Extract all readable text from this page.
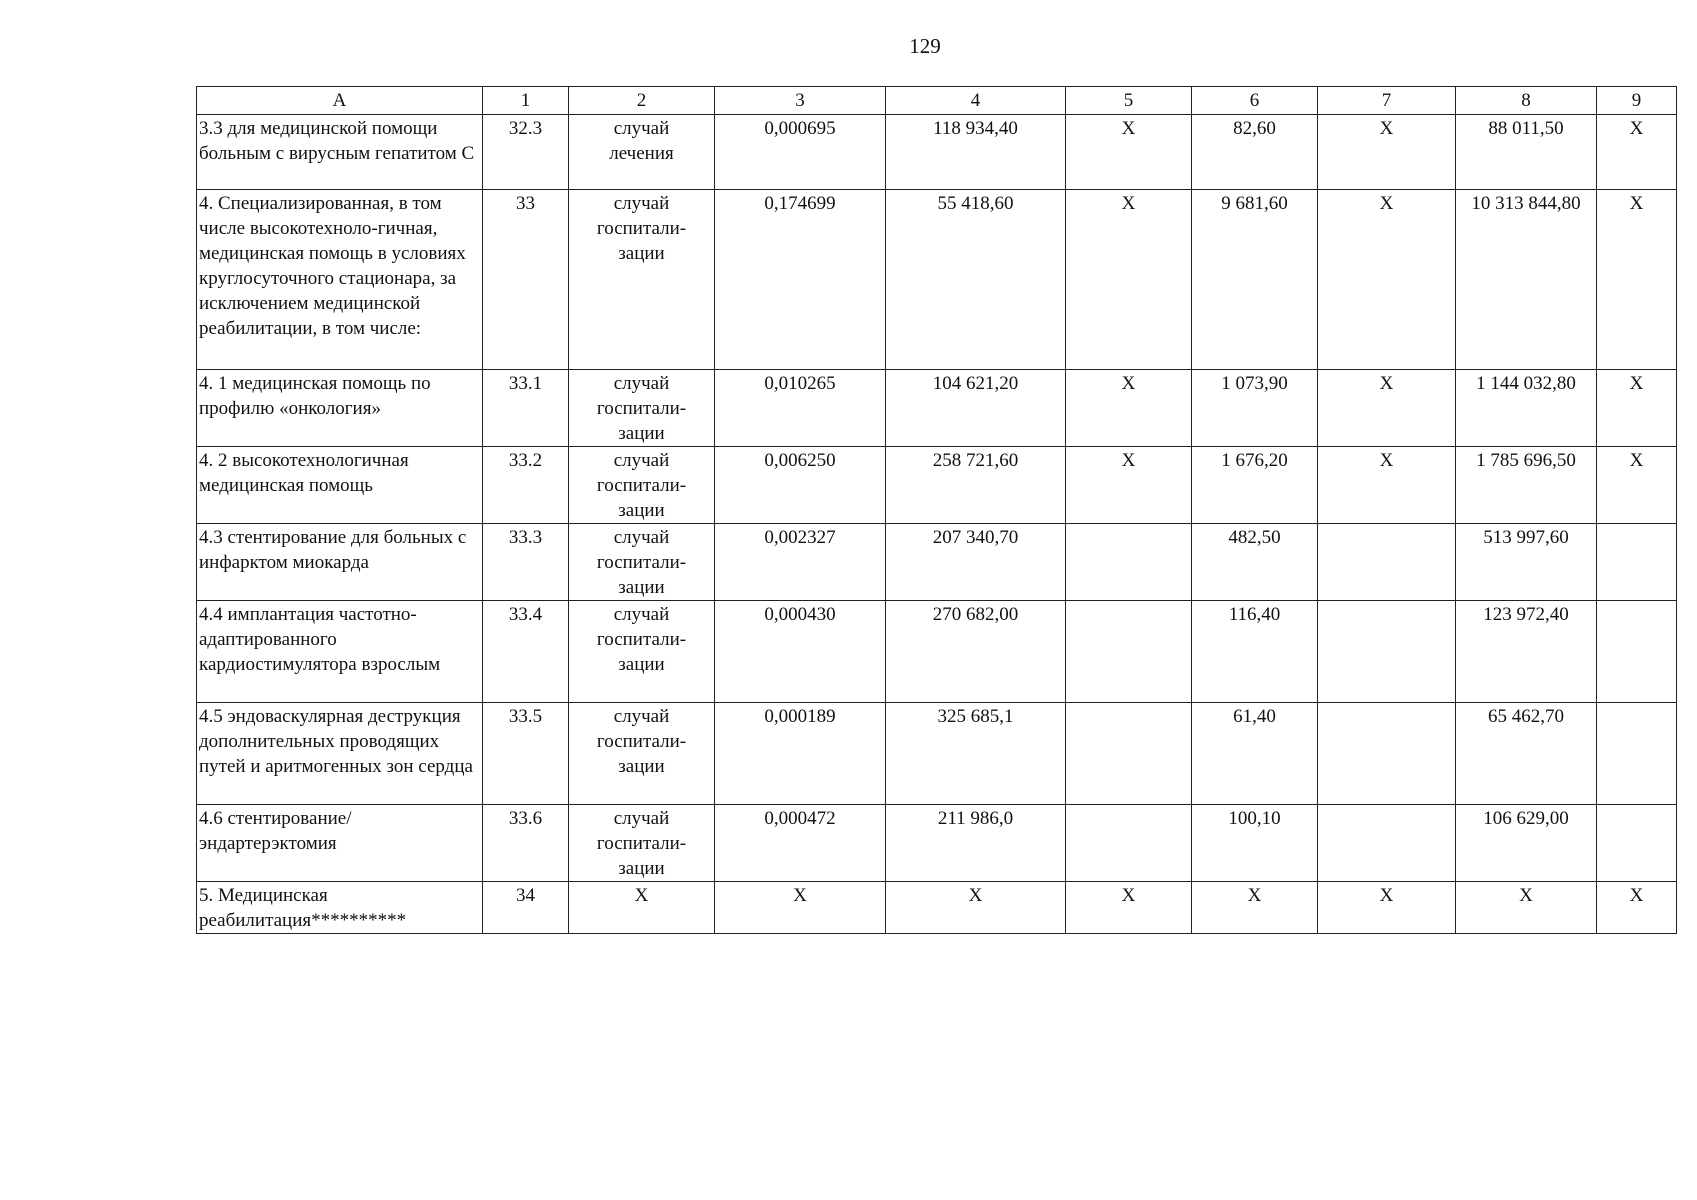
129
А	1	2	3	4	5	6	7	8	9
3.3 для медицинской помощи больным с вирусным гепатитом С	32.3	случай
лечения	0,000695	118 934,40	X	82,60	X	88 011,50	X
4. Специализированная, в том числе высокотехноло-гичная, медицинская помощь в условиях круглосуточного стационара, за исключением медицинской реабилитации, в том числе:	33	случай
госпитали-
зации	0,174699	55 418,60	X	9 681,60	X	10 313 844,80	X
4. 1 медицинская помощь по профилю «онкология»	33.1	случай
госпитали-
зации	0,010265	104 621,20	X	1 073,90	X	1 144 032,80	X
4. 2 высокотехнологичная медицинская помощь	33.2	случай
госпитали-
зации	0,006250	258 721,60	X	1 676,20	X	1 785 696,50	X
4.3 стентирование для больных с инфарктом миокарда	33.3	случай
госпитали-
зации	0,002327	207 340,70		482,50		513 997,60	
4.4 имплантация частотно-адаптированного кардиостимулятора взрослым	33.4	случай
госпитали-
зации	0,000430	270 682,00		116,40		123 972,40	
4.5 эндоваскулярная деструкция дополнительных проводящих путей и аритмогенных зон сердца	33.5	случай
госпитали-
зации	0,000189	325 685,1		61,40		65 462,70	
4.6 стентирование/ эндартерэктомия	33.6	случай
госпитали-
зации	0,000472	211 986,0		100,10		106 629,00	
5. Медицинская реабилитация**********	34	X	X	X	X	X	X	X	X
